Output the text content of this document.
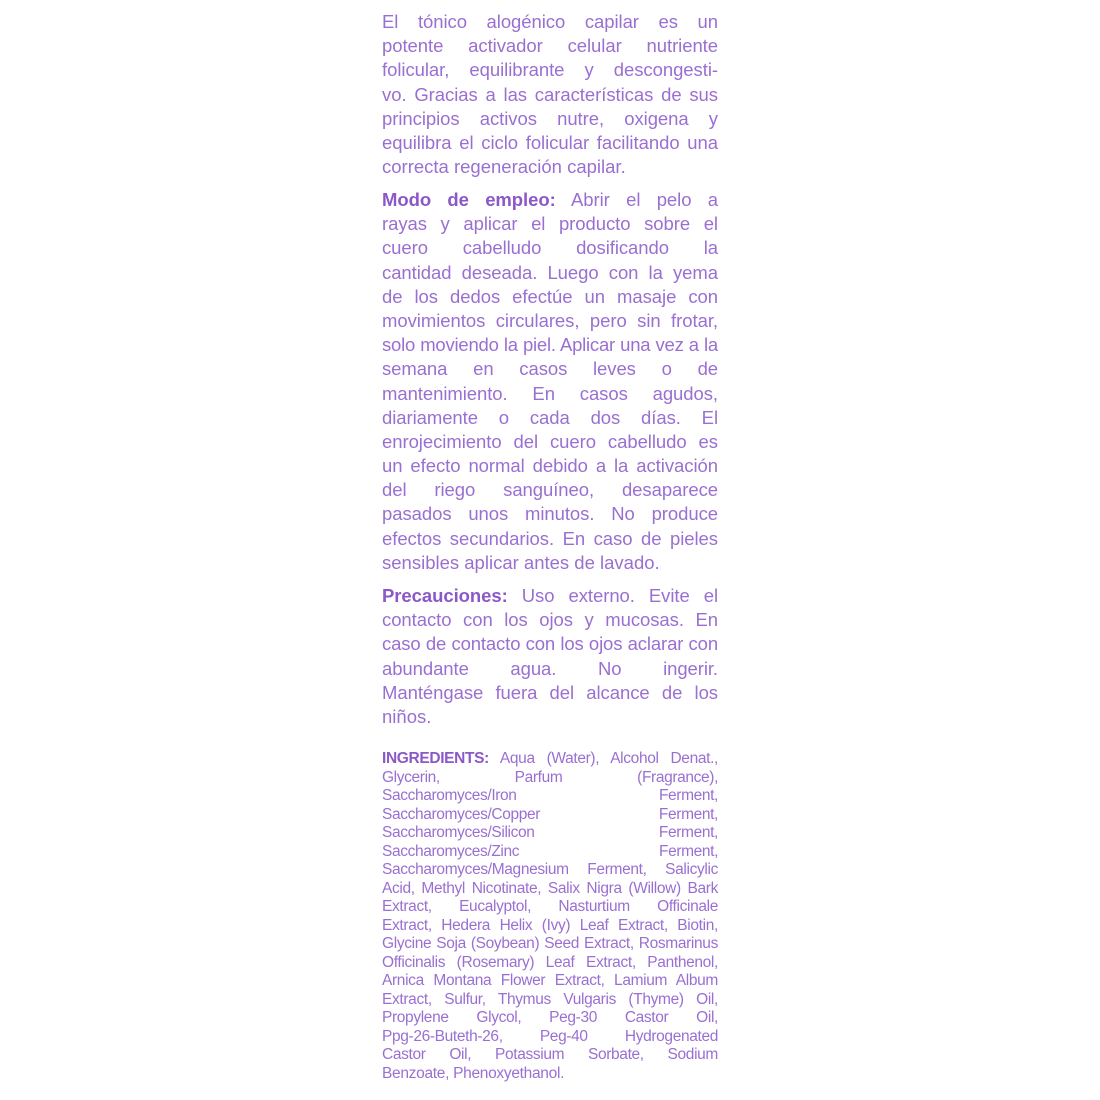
El tónico alogénico capilar es un
potente activador celular nutriente
folicular, equilibrante y descongesti-
vo. Gracias a las características de sus
principios activos nutre, oxigena y
equilibra el ciclo folicular facilitando una
correcta regeneración capilar.
Modo de empleo: Abrir el pelo a
rayas y aplicar el producto sobre el
cuero cabelludo dosificando la
cantidad deseada. Luego con la yema
de los dedos efectúe un masaje con
movimientos circulares, pero sin frotar,
solo moviendo la piel. Aplicar una vez a la
semana en casos leves o de
mantenimiento. En casos agudos,
diariamente o cada dos días. El
enrojecimiento del cuero cabelludo es
un efecto normal debido a la activación
del riego sanguíneo, desaparece
pasados unos minutos. No produce
efectos secundarios. En caso de pieles
sensibles aplicar antes de lavado.
Precauciones: Uso externo. Evite el
contacto con los ojos y mucosas. En
caso de contacto con los ojos aclarar con
abundante agua. No ingerir.
Manténgase fuera del alcance de los
niños.
INGREDIENTS: Aqua (Water), Alcohol Denat.,
Glycerin, Parfum (Fragrance),
Saccharomyces/Iron Ferment,
Saccharomyces/Copper Ferment,
Saccharomyces/Silicon Ferment,
Saccharomyces/Zinc Ferment,
Saccharomyces/Magnesium Ferment, Salicylic
Acid, Methyl Nicotinate, Salix Nigra (Willow) Bark
Extract, Eucalyptol, Nasturtium Officinale
Extract, Hedera Helix (Ivy) Leaf Extract, Biotin,
Glycine Soja (Soybean) Seed Extract, Rosmarinus
Officinalis (Rosemary) Leaf Extract, Panthenol,
Arnica Montana Flower Extract, Lamium Album
Extract, Sulfur, Thymus Vulgaris (Thyme) Oil,
Propylene Glycol, Peg-30 Castor Oil,
Ppg-26-Buteth-26, Peg-40 Hydrogenated
Castor Oil, Potassium Sorbate, Sodium
Benzoate, Phenoxyethanol.
